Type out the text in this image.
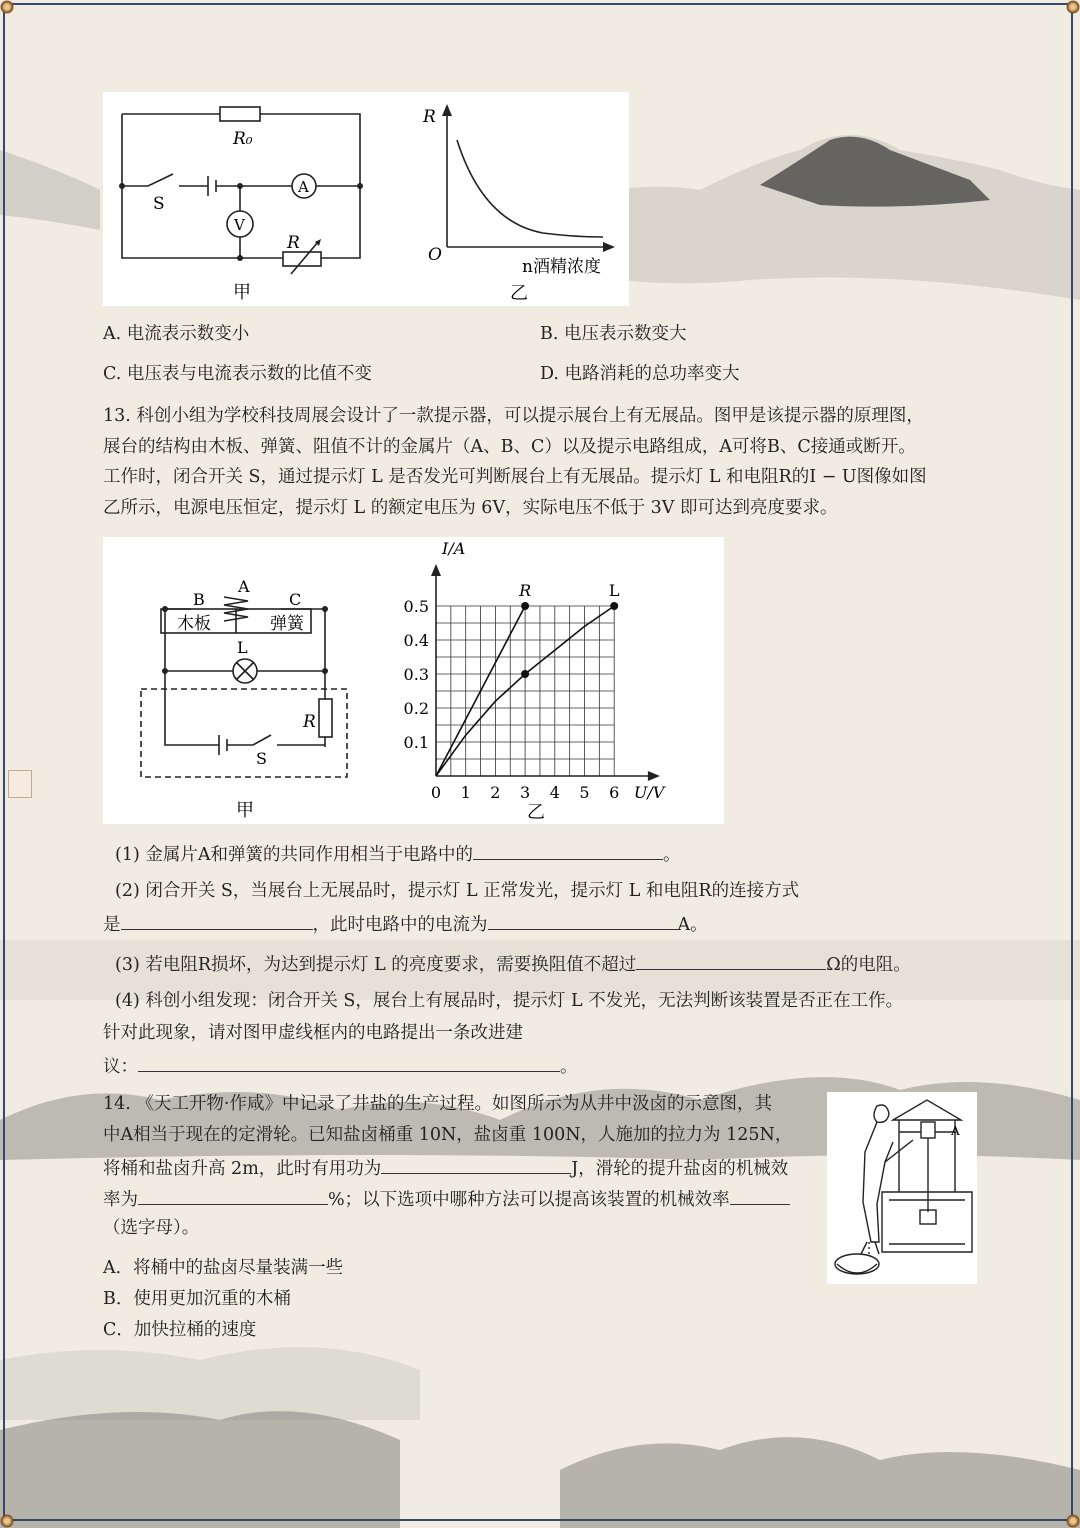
R₀
S
A
V
R
甲
R
O
n酒精浓度
乙
A. 电流表示数变小	B. 电压表示数变大
C. 电压表与电流表示数的比值不变	D. 电路消耗的总功率变大
13. 科创小组为学校科技周展会设计了一款提示器，可以提示展台上有无展品。图甲是该提示器的原理图，
展台的结构由木板、弹簧、阻值不计的金属片（A、B、C）以及提示电路组成，A可将B、C接通或断开。
工作时，闭合开关 S，通过提示灯 L 是否发光可判断展台上有无展品。提示灯 L 和电阻R的I − U图像如图
乙所示，电源电压恒定，提示灯 L 的额定电压为 6V，实际电压不低于 3V 即可达到亮度要求。
B
A
C
木板	弹簧
L
R
S
甲	乙
0 1 2 3 4 5 6
0.1
0.2
0.3
0.4
0.5
U/V
I/A
R	L
(1) 金属片A和弹簧的共同作用相当于电路中的	。
(2) 闭合开关 S，当展台上无展品时，提示灯 L 正常发光，提示灯 L 和电阻R的连接方式
是	，此时电路中的电流为	A。
(3) 若电阻R损坏，为达到提示灯 L 的亮度要求，需要换阻值不超过	Ω的电阻。
(4) 科创小组发现：闭合开关 S，展台上有展品时，提示灯 L 不发光，无法判断该装置是否正在工作。
针对此现象，请对图甲虚线框内的电路提出一条改进建
议：	。
14. 《天工开物·作咸》中记录了井盐的生产过程。如图所示为从井中汲卤的示意图，其
中A相当于现在的定滑轮。已知盐卤桶重 10N，盐卤重 100N，人施加的拉力为 125N，
将桶和盐卤升高 2m，此时有用功为	J，滑轮的提升盐卤的机械效
率为	%；以下选项中哪种方法可以提高该装置的机械效率
（选字母）。
A．将桶中的盐卤尽量装满一些
B．使用更加沉重的木桶
C．加快拉桶的速度
A
